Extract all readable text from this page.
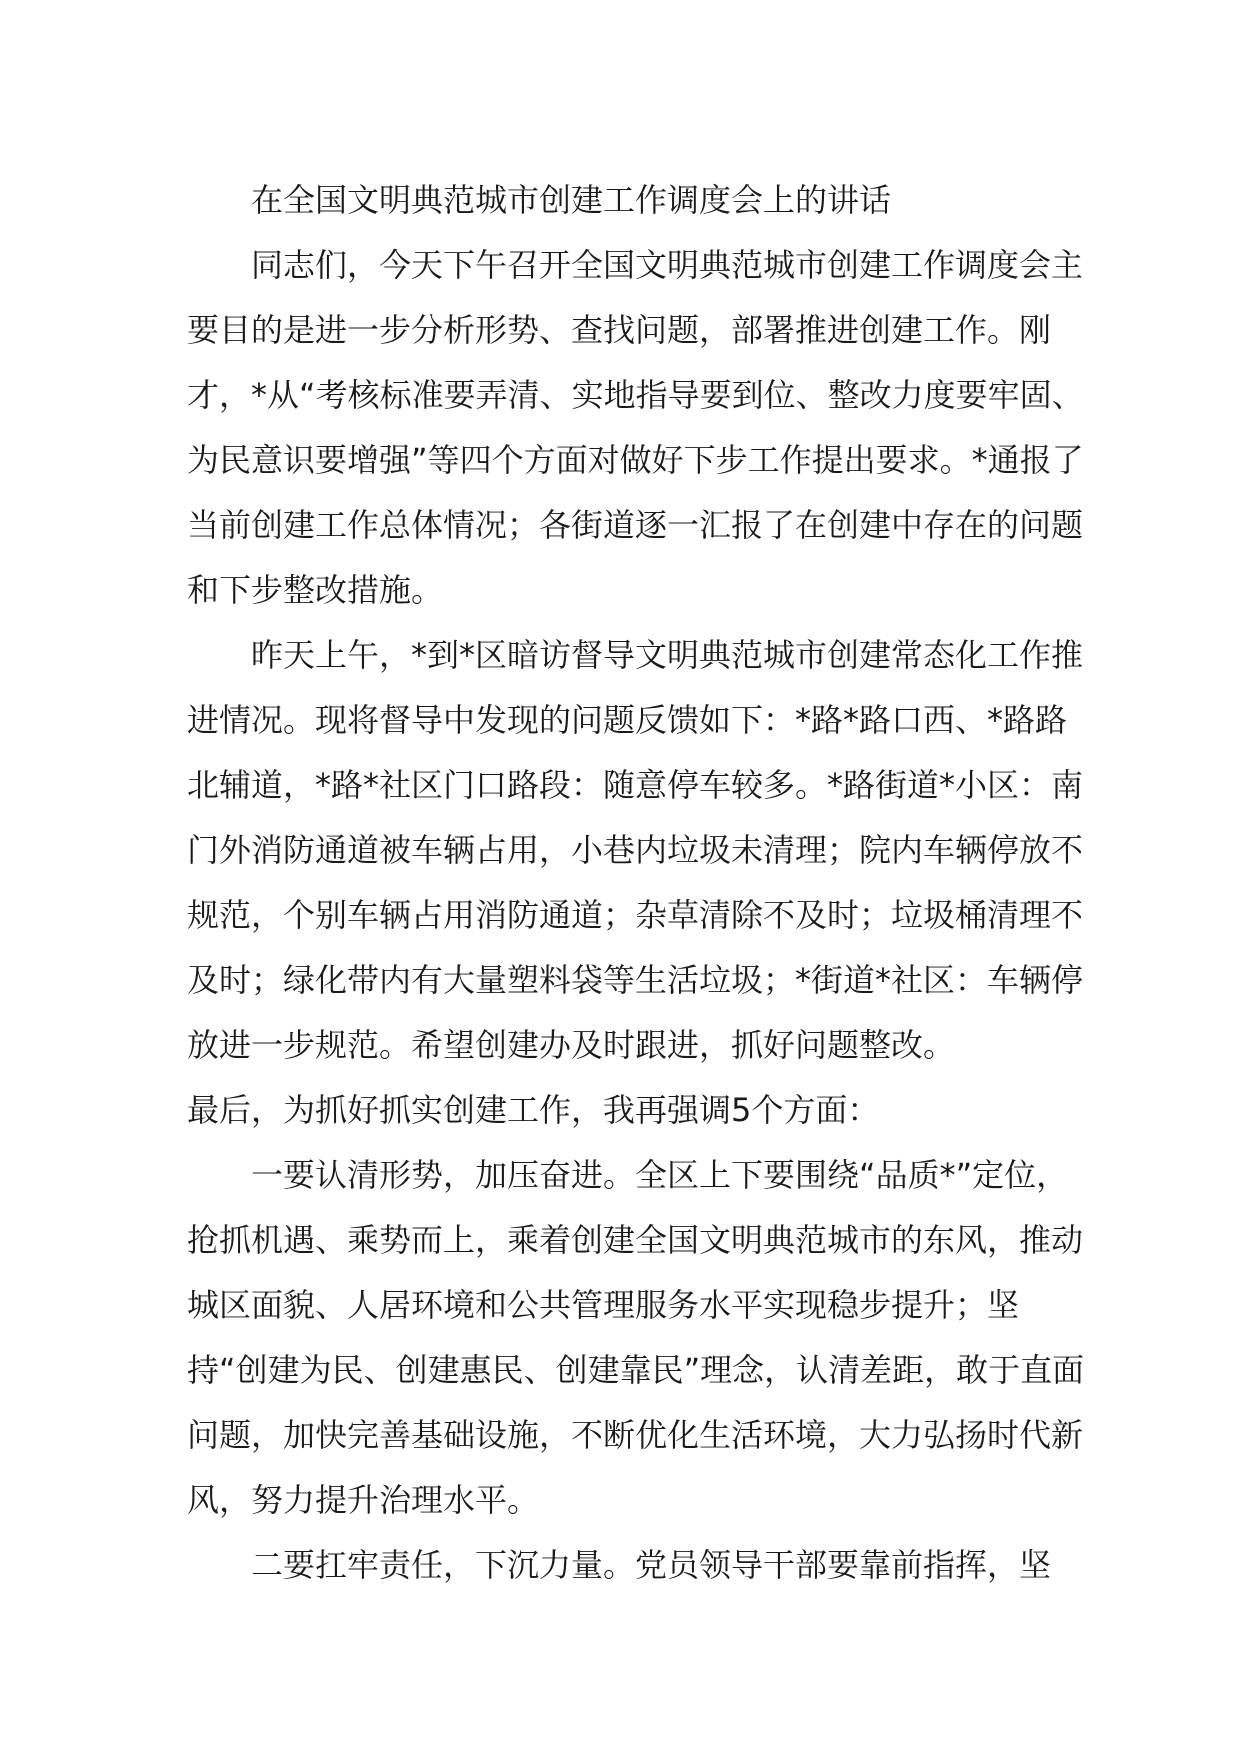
在全国文明典范城市创建工作调度会上的讲话

同志们，今天下午召开全国文明典范城市创建工作调度会主要目的是进一步分析形势、查找问题，部署推进创建工作。刚才，*从“考核标准要弄清、实地指导要到位、整改力度要牢固、为民意识要增强”等四个方面对做好下步工作提出要求。*通报了当前创建工作总体情况；各街道逐一汇报了在创建中存在的问题和下步整改措施。

昨天上午，*到*区暗访督导文明典范城市创建常态化工作推进情况。现将督导中发现的问题反馈如下：*路*路口西、*路路北辅道，*路*社区门口路段：随意停车较多。*路街道*小区：南门外消防通道被车辆占用，小巷内垃圾未清理；院内车辆停放不规范，个别车辆占用消防通道；杂草清除不及时；垃圾桶清理不及时；绿化带内有大量塑料袋等生活垃圾；*街道*社区：车辆停放进一步规范。希望创建办及时跟进，抓好问题整改。

最后，为抓好抓实创建工作，我再强调5个方面：

一要认清形势，加压奋进。全区上下要围绕“品质*”定位，抢抓机遇、乘势而上，乘着创建全国文明典范城市的东风，推动城区面貌、人居环境和公共管理服务水平实现稳步提升；坚持“创建为民、创建惠民、创建靠民”理念，认清差距，敢于直面问题，加快完善基础设施，不断优化生活环境，大力弘扬时代新风，努力提升治理水平。

二要扛牢责任，下沉力量。党员领导干部要靠前指挥，坚
